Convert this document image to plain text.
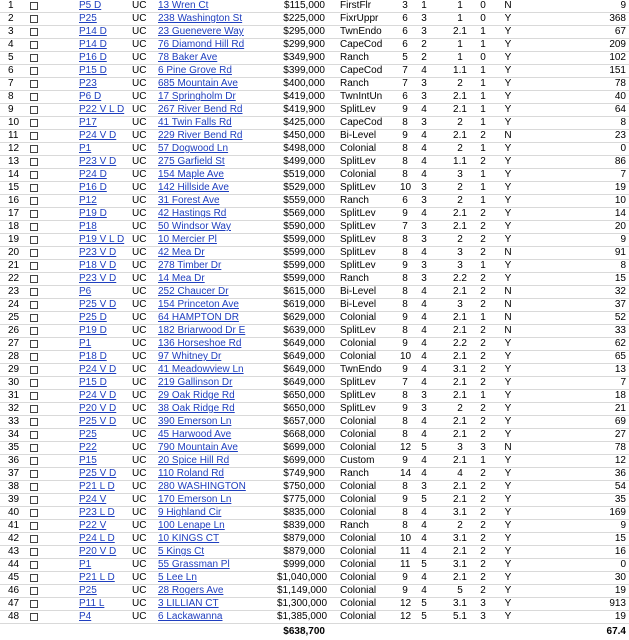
48	P4	UC	6 Lackawanna	$1,385,000 Colonial	12	5	5.1	3 Y	19
47	P11 L	UC	3 LILLIAN CT	$1,300,000 Colonial	12	5	3.1	3 Y	913
46	P25	UC	28 Rogers Ave	$1,149,000 Colonial	9	4	5	2 Y	19
45	P21 L D	UC	5 Lee Ln	$1,040,000 Colonial	9	4	2.1	2 Y	30
44	P1	UC	55 Grassman Pl	$999,000 Colonial	11	5	3.1	2 Y	0
43	P20 V D	UC	5 Kings Ct	$879,000 Colonial	11	4	2.1	2 Y	16
42	P24 L D	UC	10 KINGS CT	$879,000 Colonial	10	4	3.1	2 Y	15
41	P22 V	UC	100 Lenape Ln	$839,000 Ranch	8	4	2	2 Y	9
40	P23 L D	UC	9 Highland Cir	$835,000 Colonial	8	4	3.1	2 Y	169
39	P24 V	UC	170 Emerson Ln	$775,000 Colonial	9	5	2.1	2 Y	35
38	P21 L D	UC	280 WASHINGTON	$750,000 Colonial	8	3	2.1	2 Y	54
37	P25 V D	UC	110 Roland Rd	$749,900 Ranch	14	4	4	2 Y	36
36	P15	UC	20 Spice Hill Rd	$699,000 Custom	9	4	2.1	1 Y	12
35	P22	UC	790 Mountain Ave	$699,000 Colonial	12	5	3	3 N	78
34	P25	UC	45 Harwood Ave	$668,000 Colonial	8	4	2.1	2 Y	27
33	P25 V D	UC	390 Emerson Ln	$657,000 Colonial	8	4	2.1	2 Y	69
32	P20 V D	UC	38 Oak Ridge Rd	$650,000 SplitLev	9	3	2	2 Y	21
31	P24 V D	UC	29 Oak Ridge Rd	$650,000 SplitLev	8	3	2.1	1 Y	18
30	P15 D	UC	219 Gallinson Dr	$649,000 SplitLev	7	4	2.1	2 Y	7
29	P24 V D	UC	41 Meadowview Ln	$649,000 TwnEndo	9	4	3.1	2 Y	13
28	P18 D	UC	97 Whitney Dr	$649,000 Colonial	10	4	2.1	2 Y	65
27	P1	UC	136 Horseshoe Rd	$649,000 Colonial	9	4	2.2	2 Y	62
26	P19 D	UC	182 Briarwood Dr E	$639,000 SplitLev	8	4	2.1	2 N	33
25	P25 D	UC	64 HAMPTON DR	$629,000 Colonial	9	4	2.1	1 N	52
24	P25 V D	UC	154 Princeton Ave	$619,000 Bi-Level	8	4	3	2 N	37
23	P6	UC	252 Chaucer Dr	$615,000 Bi-Level	8	4	2.1	2 N	32
22	P23 V D	UC	14 Mea Dr	$599,000 Ranch	8	3	2.2	2 Y	15
21	P18 V D	UC	278 Timber Dr	$599,000 SplitLev	9	3	3	1 Y	8
20	P23 V D	UC	42 Mea Dr	$599,000 SplitLev	8	4	3	2 N	91
19	P19 V L D UC	10 Mercier Pl	$599,000 SplitLev	8	3	2	2 Y	9
18	P18	UC	50 Windsor Way	$590,000 SplitLev	7	3	2.1	2 Y	20
17	P19 D	UC	42 Hastings Rd	$569,000 SplitLev	9	4	2.1	2 Y	14
16	P12	UC	31 Forest Ave	$559,000 Ranch	6	3	2	1 Y	10
15	P16 D	UC	142 Hillside Ave	$529,000 SplitLev	10	3	2	1 Y	19
14	P24 D	UC	154 Maple Ave	$519,000 Colonial	8	4	3	1 Y	7
13	P23 V D	UC	275 Garfield St	$499,000 SplitLev	8	4	1.1	2 Y	86
12	P1	UC	57 Dogwood Ln	$498,000 Colonial	8	4	2	1 Y	0
11	P24 V D	UC	229 River Bend Rd	$450,000 Bi-Level	9	4	2.1	2 N	23
10	P17	UC	41 Twin Falls Rd	$425,000 CapeCod	8	3	2	1 Y	8
9	P22 V L D UC	267 River Bend Rd	$419,900 SplitLev	9	4	2.1	1 Y	64
8	P6 D	UC	17 Springholm Dr	$419,000 TwnIntUn	6	3	2.1	1 Y	40
7	P23	UC	685 Mountain Ave	$400,000 Ranch	7	3	2	1 Y	78
6	P15 D	UC	6 Pine Grove Rd	$399,000 CapeCod	7	4	1.1	1 Y	151
5	P16 D	UC	78 Baker Ave	$349,900 Ranch	5	2	1	0 Y	102
4	P14 D	UC	76 Diamond Hill Rd	$299,900 CapeCod	6	2	1	1 Y	209
3	P14 D	UC	23 Guenevere Way	$295,000 TwnEndo	6	3	2.1	1 Y	67
2	P25	UC	238 Washington St	$225,000 FixrUppr	6	3	1	0 Y	368
1	P5 D	UC	13 Wren Ct	$115,000 FirstFlr	3	1	1	0 N	9
$638,700	67.4
